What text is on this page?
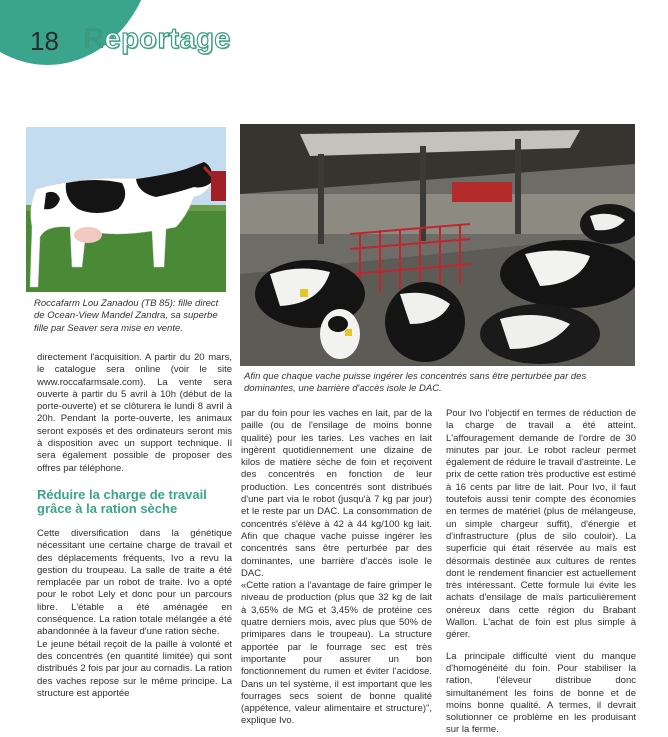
18 Reportage
Roccafarm Lou Zanadou (TB 85): fille direct de Ocean-View Mandel Zandra, sa superbe fille par Seaver sera mise en vente.
Afin que chaque vache puisse ingérer les concentrés sans être perturbée par des dominantes, une barrière d'accès isole le DAC.

directement l'acquisition. A partir du 20 mars, le catalogue sera online (voir le site www.roccafarmsale.com). La vente sera ouverte à partir du 5 avril à 10h (début de la porte-ouverte) et se clôturera le lundi 8 avril à 20h. Pendant la porte-ouverte, les animaux seront exposés et des ordinateurs seront mis à disposition avec un support technique. Il sera également possible de proposer des offres par téléphone.

Réduire la charge de travail grâce à la ration sèche

Cette diversification dans la génétique nécessitant une certaine charge de travail et des déplacements fréquents, Ivo a revu la gestion du troupeau. La salle de traite a été remplacée par un robot de traite. Ivo a opté pour le robot Lely et donc pour un parcours libre. L'étable a été aménagée en conséquence. La ration totale mélangée a été abandonnée à la faveur d'une ration sèche.

Le jeune bétail reçoit de la paille à volonté et des concentrés (en quantité limitée) qui sont distribués 2 fois par jour au cornadis. La ration des vaches repose sur le même principe. La structure est apportée

par du foin pour les vaches en lait, par de la paille (ou de l'ensilage de moins bonne qualité) pour les taries. Les vaches en lait ingèrent quotidiennement une dizaine de kilos de matière sèche de foin et reçoivent des concentrés en fonction de leur production. Les concentrés sont distribués d'une part via le robot (jusqu'à 7 kg par jour) et le reste par un DAC. La consommation de concentrés s'élève à 42 à 44 kg/100 kg lait. Afin que chaque vache puisse ingérer les concentrés sans être perturbée par des dominantes, une barrière d'accès isole le DAC.

«Cette ration a l'avantage de faire grimper le niveau de production (plus que 32 kg de lait à 3,65% de MG et 3,45% de protéine ces quatre derniers mois, avec plus que 50% de primipares dans le troupeau). La structure apportée par le fourrage sec est très importante pour assurer un bon fonctionnement du rumen et éviter l'acidose. Dans un tel système, il est important que les fourrages secs soient de bonne qualité (appétence, valeur alimentaire et structure)", explique Ivo.

Pour Ivo l'objectif en termes de réduction de la charge de travail a été atteint. L'affouragement demande de l'ordre de 30 minutes par jour. Le robot racleur permet également de réduire le travail d'astreinte. Le prix de cette ration très productive est estimé à 16 cents par litre de lait. Pour Ivo, il faut toutefois aussi tenir compte des économies en termes de matériel (plus de mélangeuse, un simple chargeur suffit), d'énergie et d'infrastructure (plus de silo couloir). La superficie qui était réservée au maïs est désormais destinée aux cultures de rentes dont le rendement financier est actuellement très intéressant. Cette formule lui évite les achats d'ensilage de maïs particulièrement onéreux dans cette région du Brabant Wallon. L'achat de foin est plus simple à gérer.

La principale difficulté vient du manque d'homogénéité du foin. Pour stabiliser la ration, l'éleveur distribue donc simultanément les foins de bonne et de moins bonne qualité. A termes, il devrait solutionner ce problème en les produisant sur la ferme.
